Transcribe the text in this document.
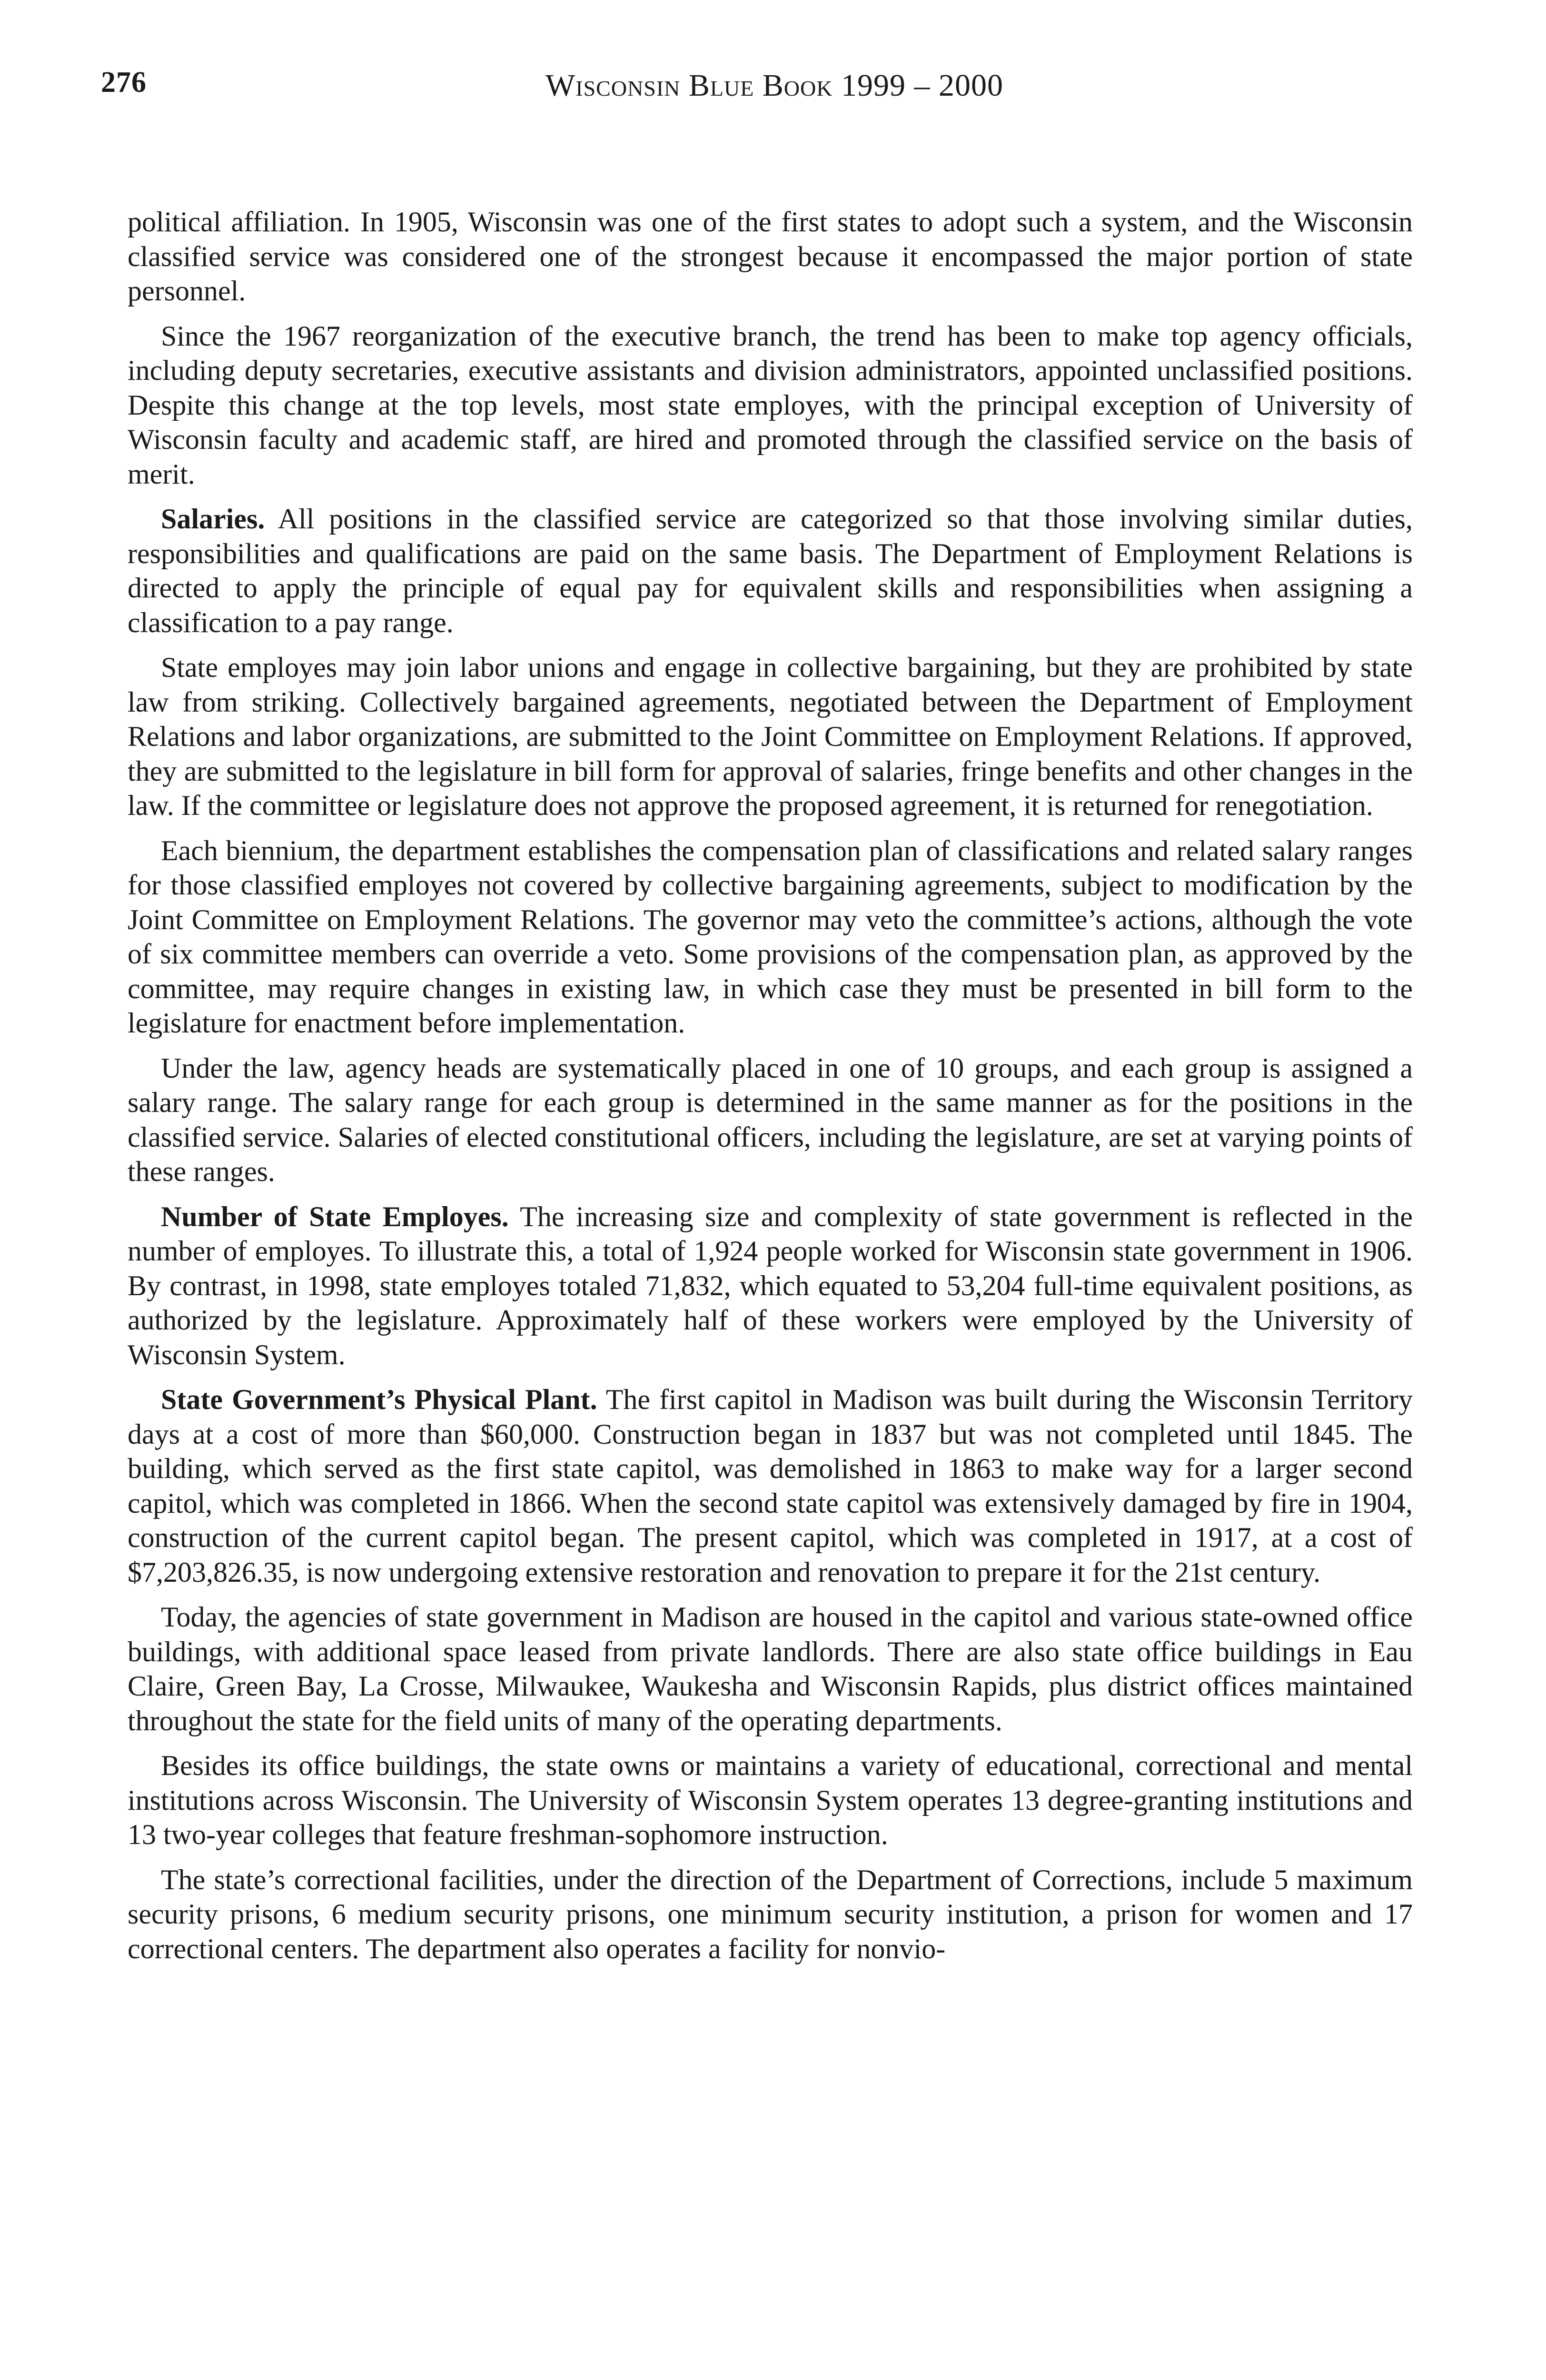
276	Wisconsin Blue Book 1999 – 2000

political affiliation. In 1905, Wisconsin was one of the first states to adopt such a system, and the Wisconsin classified service was considered one of the strongest because it encompassed the major portion of state personnel.

Since the 1967 reorganization of the executive branch, the trend has been to make top agency officials, including deputy secretaries, executive assistants and division administrators, appointed unclassified positions. Despite this change at the top levels, most state employes, with the principal exception of University of Wisconsin faculty and academic staff, are hired and promoted through the classified service on the basis of merit.

Salaries. All positions in the classified service are categorized so that those involving similar duties, responsibilities and qualifications are paid on the same basis. The Department of Employment Relations is directed to apply the principle of equal pay for equivalent skills and responsibilities when assigning a classification to a pay range.

State employes may join labor unions and engage in collective bargaining, but they are prohibited by state law from striking. Collectively bargained agreements, negotiated between the Department of Employment Relations and labor organizations, are submitted to the Joint Committee on Employment Relations. If approved, they are submitted to the legislature in bill form for approval of salaries, fringe benefits and other changes in the law. If the committee or legislature does not approve the proposed agreement, it is returned for renegotiation.

Each biennium, the department establishes the compensation plan of classifications and related salary ranges for those classified employes not covered by collective bargaining agreements, subject to modification by the Joint Committee on Employment Relations. The governor may veto the committee’s actions, although the vote of six committee members can override a veto. Some provisions of the compensation plan, as approved by the committee, may require changes in existing law, in which case they must be presented in bill form to the legislature for enactment before implementation.

Under the law, agency heads are systematically placed in one of 10 groups, and each group is assigned a salary range. The salary range for each group is determined in the same manner as for the positions in the classified service. Salaries of elected constitutional officers, including the legislature, are set at varying points of these ranges.

Number of State Employes. The increasing size and complexity of state government is reflected in the number of employes. To illustrate this, a total of 1,924 people worked for Wisconsin state government in 1906. By contrast, in 1998, state employes totaled 71,832, which equated to 53,204 full-time equivalent positions, as authorized by the legislature. Approximately half of these workers were employed by the University of Wisconsin System.

State Government’s Physical Plant. The first capitol in Madison was built during the Wisconsin Territory days at a cost of more than $60,000. Construction began in 1837 but was not completed until 1845. The building, which served as the first state capitol, was demolished in 1863 to make way for a larger second capitol, which was completed in 1866. When the second state capitol was extensively damaged by fire in 1904, construction of the current capitol began. The present capitol, which was completed in 1917, at a cost of $7,203,826.35, is now undergoing extensive restoration and renovation to prepare it for the 21st century.

Today, the agencies of state government in Madison are housed in the capitol and various state-owned office buildings, with additional space leased from private landlords. There are also state office buildings in Eau Claire, Green Bay, La Crosse, Milwaukee, Waukesha and Wisconsin Rapids, plus district offices maintained throughout the state for the field units of many of the operating departments.

Besides its office buildings, the state owns or maintains a variety of educational, correctional and mental institutions across Wisconsin. The University of Wisconsin System operates 13 degree-granting institutions and 13 two-year colleges that feature freshman-sophomore instruction.

The state’s correctional facilities, under the direction of the Department of Corrections, include 5 maximum security prisons, 6 medium security prisons, one minimum security institution, a prison for women and 17 correctional centers. The department also operates a facility for nonvio-
